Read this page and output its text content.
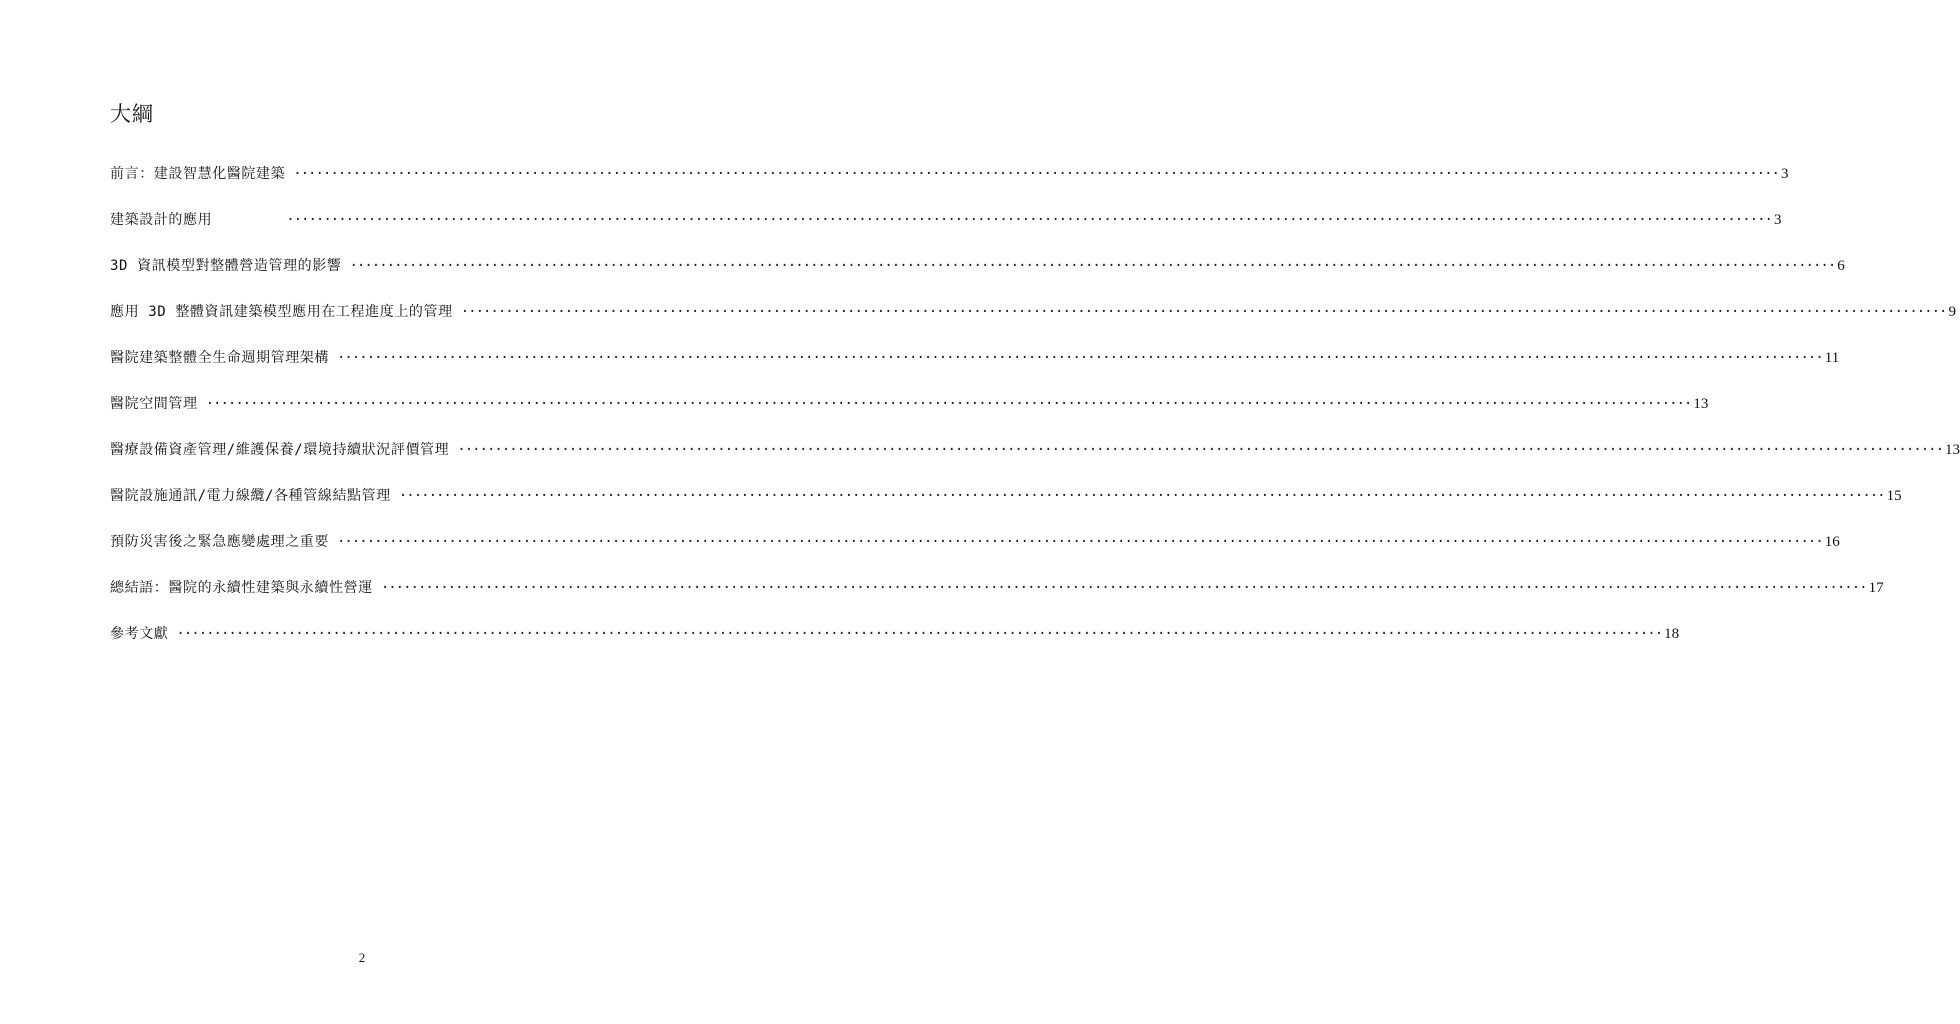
大綱
前言：建設智慧化醫院建築 ········································································································································································································ 3
建築設計的應用	········································································································································································································ 3
3D 資訊模型對整體營造管理的影響 ········································································································································································································ 6
應用 3D 整體資訊建築模型應用在工程進度上的管理 ········································································································································································································ 9
醫院建築整體全生命週期管理架構 ········································································································································································································ 11
醫院空間管理 ········································································································································································································ 13
醫療設備資產管理/維護保養/環境持續狀況評價管理 ········································································································································································································ 13
醫院設施通訊/電力線纜/各種管線結點管理 ········································································································································································································ 15
預防災害後之緊急應變處理之重要 ········································································································································································································ 16
總結語：醫院的永續性建築與永續性營運 ········································································································································································································ 17
參考文獻 ········································································································································································································ 18
2
